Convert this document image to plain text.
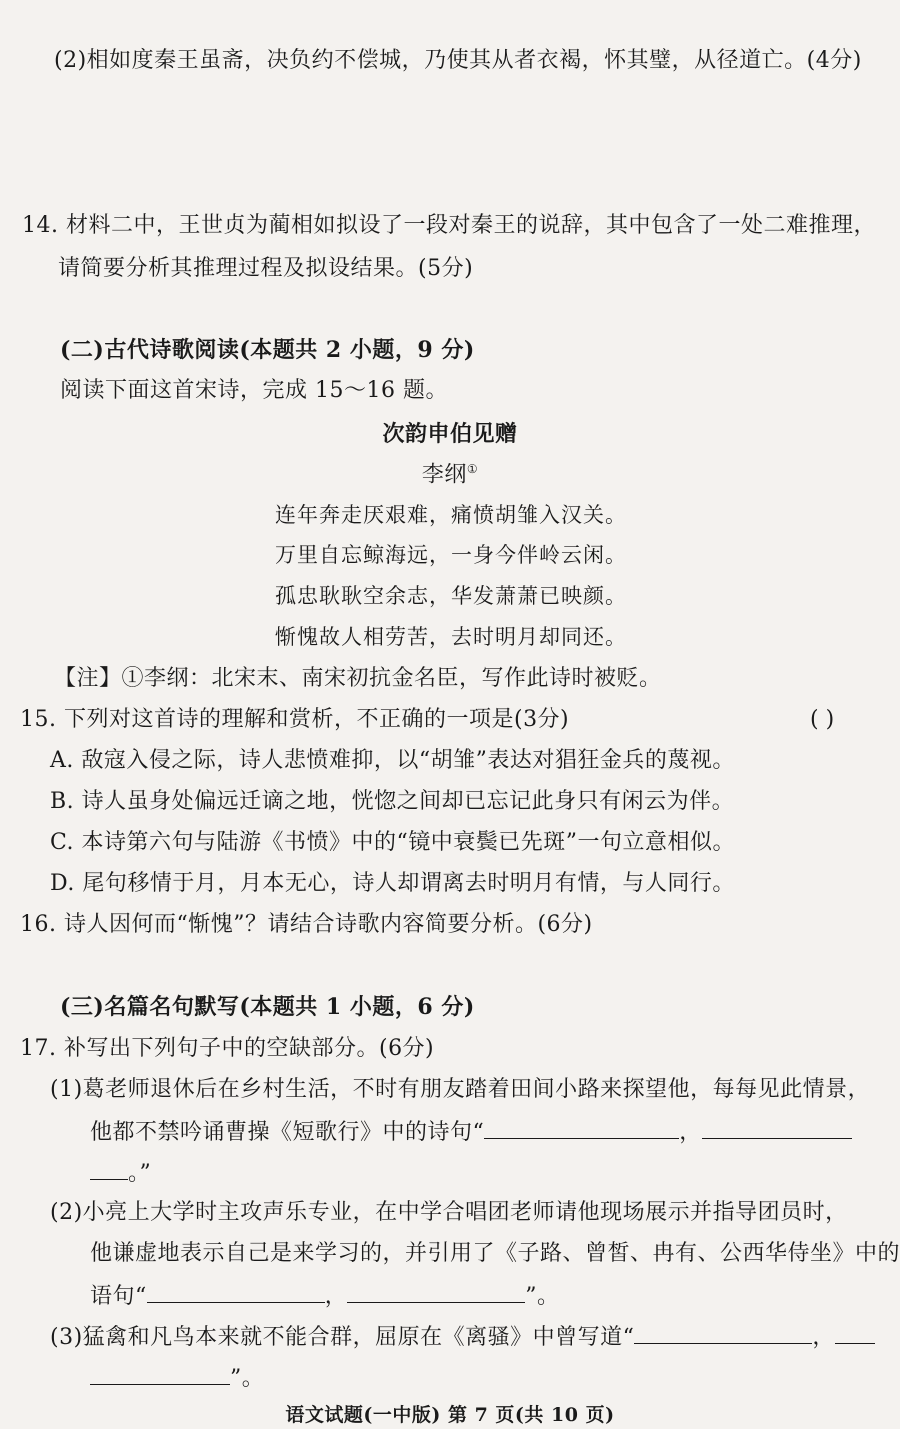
(2)相如度秦王虽斋，决负约不偿城，乃使其从者衣褐，怀其璧，从径道亡。(4分)
14. 材料二中，王世贞为蔺相如拟设了一段对秦王的说辞，其中包含了一处二难推理，
请简要分析其推理过程及拟设结果。(5分)
(二)古代诗歌阅读(本题共 2 小题，9 分)
阅读下面这首宋诗，完成 15～16 题。
次韵申伯见赠
李纲①
连年奔走厌艰难，痛愤胡雏入汉关。
万里自忘鲸海远，一身今伴岭云闲。
孤忠耿耿空余志，华发萧萧已映颜。
惭愧故人相劳苦，去时明月却同还。
【注】①李纲：北宋末、南宋初抗金名臣，写作此诗时被贬。
15. 下列对这首诗的理解和赏析，不正确的一项是(3分)	( )
A. 敌寇入侵之际，诗人悲愤难抑，以“胡雏”表达对猖狂金兵的蔑视。
B. 诗人虽身处偏远迁谪之地，恍惚之间却已忘记此身只有闲云为伴。
C. 本诗第六句与陆游《书愤》中的“镜中衰鬓已先斑”一句立意相似。
D. 尾句移情于月，月本无心，诗人却谓离去时明月有情，与人同行。
16. 诗人因何而“惭愧”？请结合诗歌内容简要分析。(6分)
(三)名篇名句默写(本题共 1 小题，6 分)
17. 补写出下列句子中的空缺部分。(6分)
(1)葛老师退休后在乡村生活，不时有朋友踏着田间小路来探望他，每每见此情景，
他都不禁吟诵曹操《短歌行》中的诗句“	，
。”
(2)小亮上大学时主攻声乐专业，在中学合唱团老师请他现场展示并指导团员时，
他谦虚地表示自己是来学习的，并引用了《子路、曾皙、冉有、公西华侍坐》中的
语句“	，	”。
(3)猛禽和凡鸟本来就不能合群，屈原在《离骚》中曾写道“	，
”。
语文试题(一中版) 第 7 页(共 10 页)
